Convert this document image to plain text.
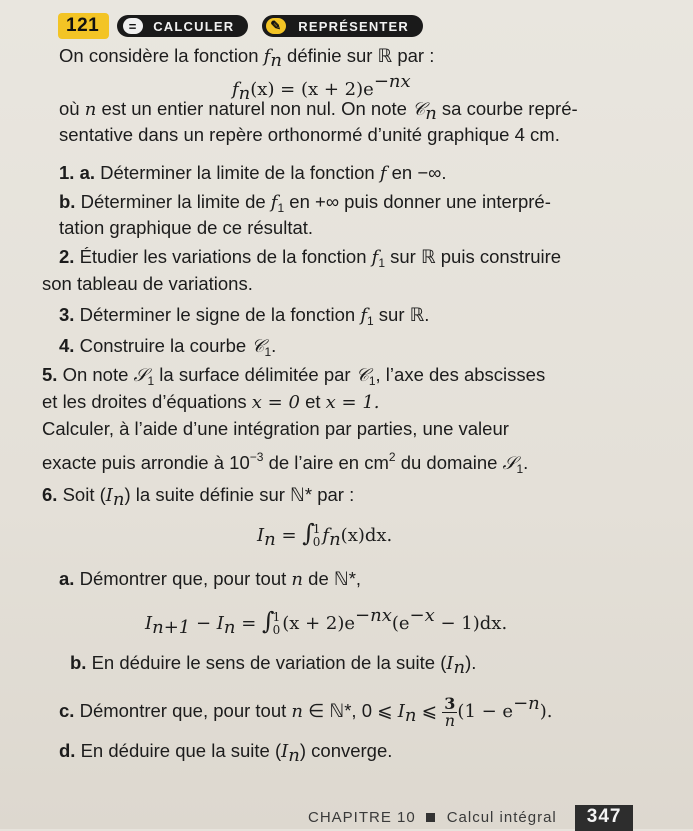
121	=	CALCULER	✎	REPRÉSENTER
On considère la fonction $f_n$ définie sur ℝ par :
$f_n(x) = (x + 2)e^{-nx}$
où n est un entier naturel non nul. On note 𝒞$_n$ sa courbe repré-
sentative dans un repère orthonormé d’unité graphique 4 cm.
1. a. Déterminer la limite de la fonction f en −∞.
b. Déterminer la limite de $f_1$ en +∞ puis donner une interpré-
tation graphique de ce résultat.
2. Étudier les variations de la fonction $f_1$ sur ℝ puis construire
son tableau de variations.
3. Déterminer le signe de la fonction $f_1$ sur ℝ.
4. Construire la courbe 𝒞$_1$.
5. On note 𝒮$_1$ la surface délimitée par 𝒞$_1$, l’axe des abscisses
et les droites d’équations x = 0 et x = 1.
Calculer, à l’aide d’une intégration par parties, une valeur
exacte puis arrondie à $10^{-3}$ de l’aire en $cm^2$ du domaine 𝒮$_1$.
6. Soit $(I_n)$ la suite définie sur ℕ* par :
$I_n$ = ∫
1
0 $f_n(x)dx$.
a. Démontrer que, pour tout n de ℕ*,
$I_{n+1} - I_n$ = ∫
1
0 $(x + 2)e^{-nx}(e^{-x} - 1)dx$.
b. En déduire le sens de variation de la suite $(I_n)$.
c. Démontrer que, pour tout n ∈ ℕ*, 0 ⩽ $I_n$ ⩽ $\frac{3}{n} (1 - e^{-n})$.
d. En déduire que la suite $(I_n)$ converge.
CHAPITRE 10 Calcul intégral	347
